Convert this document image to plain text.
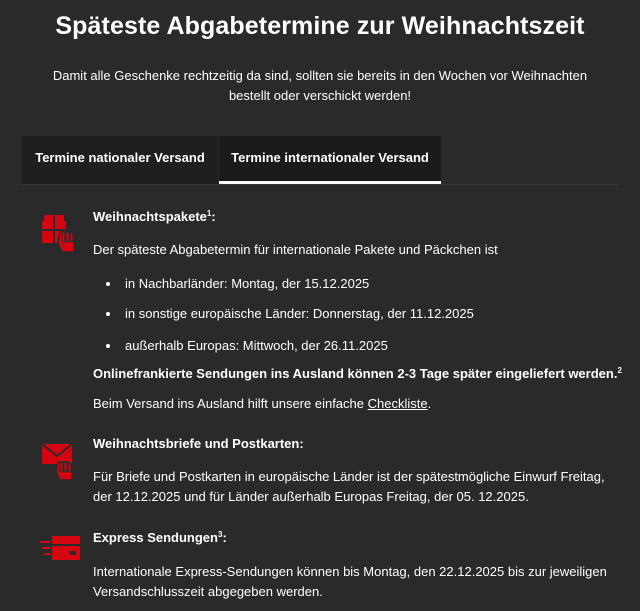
Späteste Abgabetermine zur Weihnachtszeit

Damit alle Geschenke rechtzeitig da sind, sollten sie bereits in den Wochen vor Weihnachten bestellt oder verschickt werden!

Termine nationaler Versand	Termine internationaler Versand
Weihnachtspakete$^1$:

Der späteste Abgabetermin für internationale Pakete und Päckchen ist

in Nachbarländer: Montag, der 15.12.2025
in sonstige europäische Länder: Donnerstag, der 11.12.2025
außerhalb Europas: Mittwoch, der 26.11.2025

Onlinefrankierte Sendungen ins Ausland können 2-3 Tage später eingeliefert werden.$^2$

Beim Versand ins Ausland hilft unsere einfache Checkliste.

Weihnachtsbriefe und Postkarten:

Für Briefe und Postkarten in europäische Länder ist der spätestmögliche Einwurf Freitag,

der 12.12.2025 und für Länder außerhalb Europas Freitag, der 05. 12.2025.

Express Sendungen$^3$:

Internationale Express-Sendungen können bis Montag, den 22.12.2025 bis zur jeweiligen

Versandschlusszeit abgegeben werden.
